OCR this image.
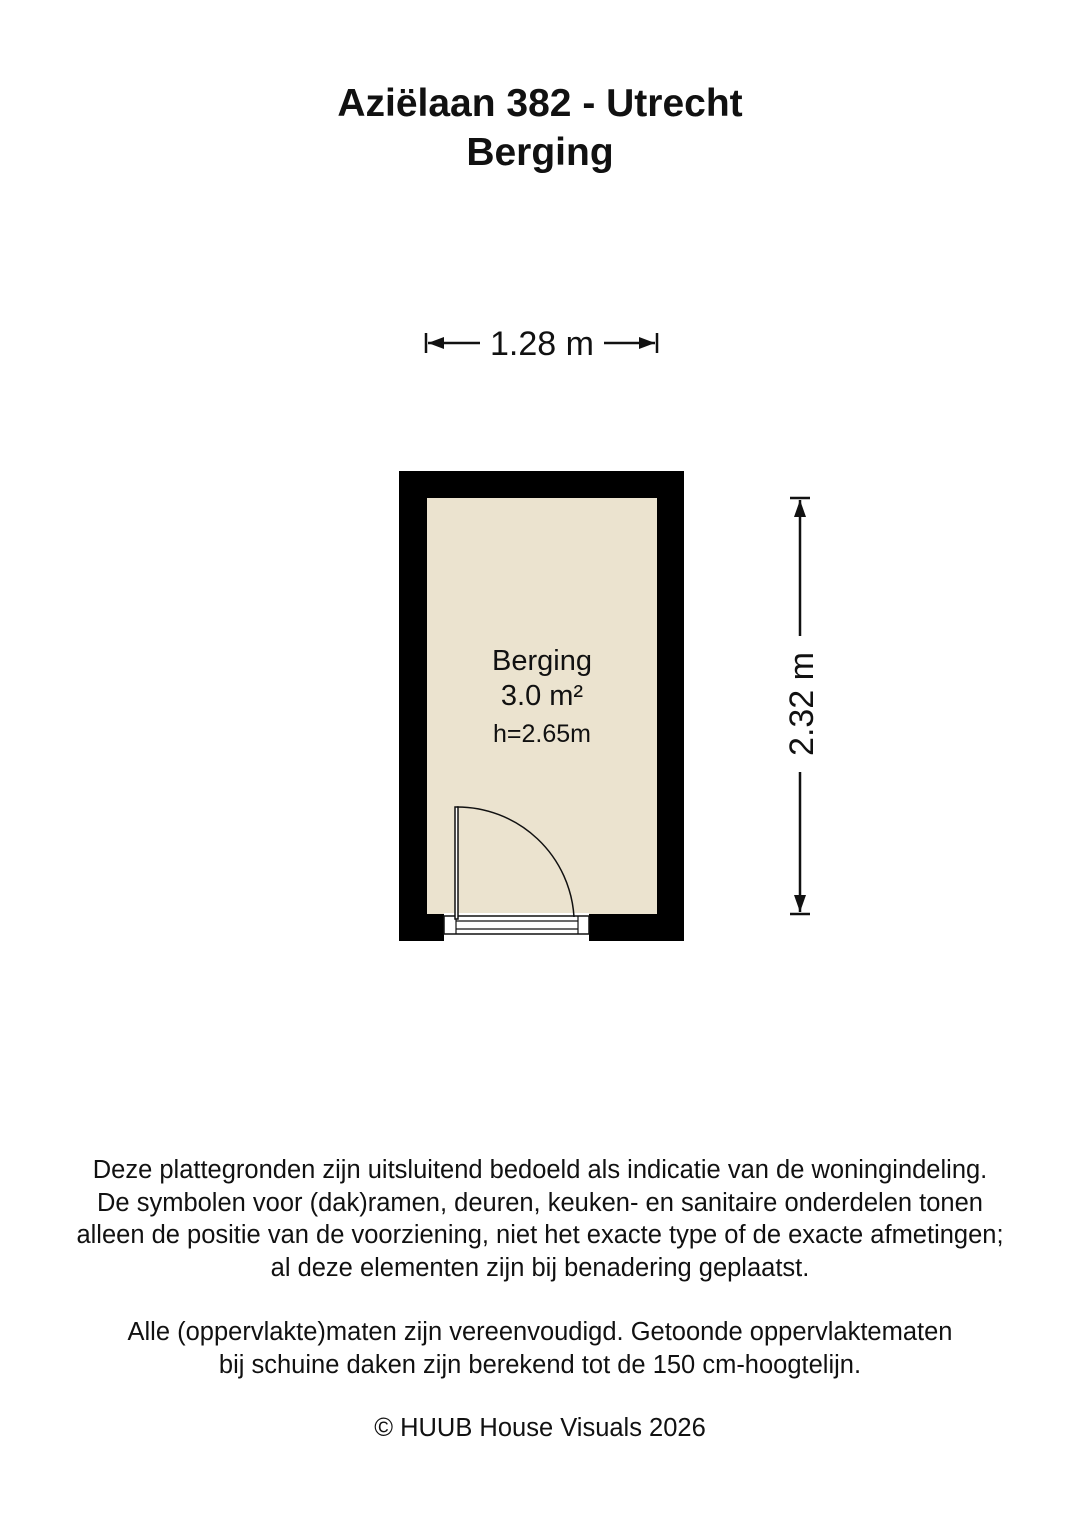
Aziëlaan 382 - Utrecht
Berging
1.28 m
2.32 m
Berging
3.0 m²
h=2.65m
Deze plattegronden zijn uitsluitend bedoeld als indicatie van de woningindeling.
De symbolen voor (dak)ramen, deuren, keuken- en sanitaire onderdelen tonen
alleen de positie van de voorziening, niet het exacte type of de exacte afmetingen;
al deze elementen zijn bij benadering geplaatst.
Alle (oppervlakte)maten zijn vereenvoudigd. Getoonde oppervlaktematen
bij schuine daken zijn berekend tot de 150 cm-hoogtelijn.
© HUUB House Visuals 2026
